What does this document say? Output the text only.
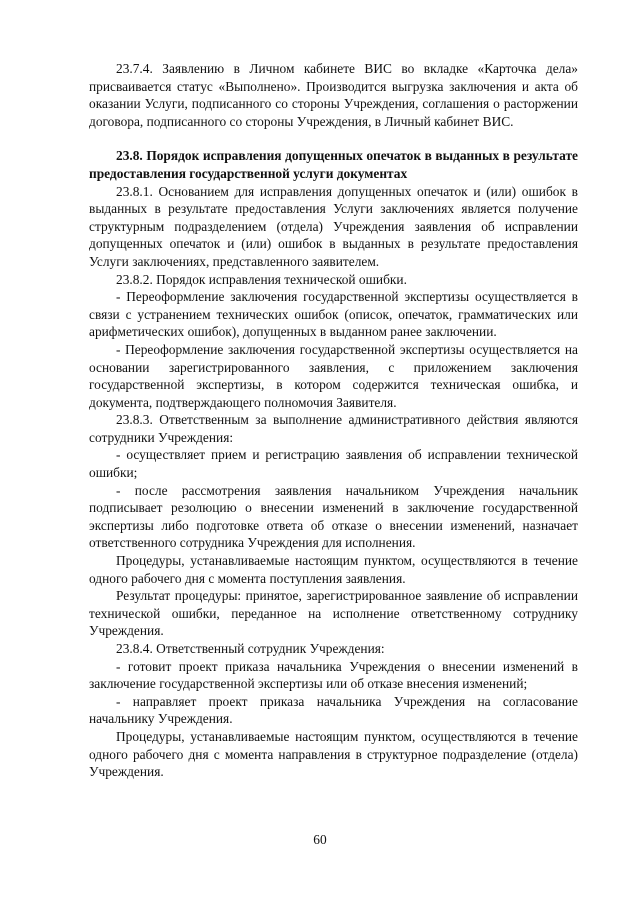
23.7.4. Заявлению в Личном кабинете ВИС во вкладке «Карточка дела» присваивается статус «Выполнено». Производится выгрузка заключения и акта об оказании Услуги, подписанного со стороны Учреждения, соглашения о расторжении договора, подписанного со стороны Учреждения, в Личный кабинет ВИС.

23.8. Порядок исправления допущенных опечаток в выданных в результате предоставления государственной услуги документах

23.8.1. Основанием для исправления допущенных опечаток и (или) ошибок в выданных в результате предоставления Услуги заключениях является получение структурным подразделением (отдела) Учреждения заявления об исправлении допущенных опечаток и (или) ошибок в выданных в результате предоставления Услуги заключениях, представленного заявителем.

23.8.2. Порядок исправления технической ошибки.

- Переоформление заключения государственной экспертизы осуществляется в связи с устранением технических ошибок (описок, опечаток, грамматических или арифметических ошибок), допущенных в выданном ранее заключении.

- Переоформление заключения государственной экспертизы осуществляется на основании зарегистрированного заявления, с приложением заключения государственной экспертизы, в котором содержится техническая ошибка, и документа, подтверждающего полномочия Заявителя.

23.8.3. Ответственным за выполнение административного действия являются сотрудники Учреждения:

- осуществляет прием и регистрацию заявления об исправлении технической ошибки;

- после рассмотрения заявления начальником Учреждения начальник подписывает резолюцию о внесении изменений в заключение государственной экспертизы либо подготовке ответа об отказе о внесении изменений, назначает ответственного сотрудника Учреждения для исполнения.

Процедуры, устанавливаемые настоящим пунктом, осуществляются в течение одного рабочего дня с момента поступления заявления.

Результат процедуры: принятое, зарегистрированное заявление об исправлении технической ошибки, переданное на исполнение ответственному сотруднику Учреждения.

23.8.4. Ответственный сотрудник Учреждения:

- готовит проект приказа начальника Учреждения о внесении изменений в заключение государственной экспертизы или об отказе внесения изменений;

- направляет проект приказа начальника Учреждения на согласование начальнику Учреждения.

Процедуры, устанавливаемые настоящим пунктом, осуществляются в течение одного рабочего дня с момента направления в структурное подразделение (отдела) Учреждения.

60
